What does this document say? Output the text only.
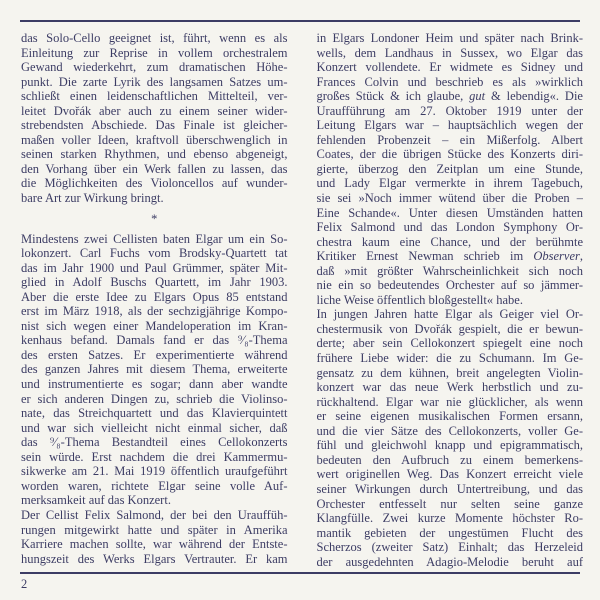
das Solo-Cello geeignet ist, führt, wenn es als
Einleitung zur Reprise in vollem orchestralem
Gewand wiederkehrt, zum dramatischen Höhe-
punkt. Die zarte Lyrik des langsamen Satzes um-
schließt einen leidenschaftlichen Mittelteil, ver-
leitet Dvořák aber auch zu einem seiner wider-
strebendsten Abschiede. Das Finale ist gleicher-
maßen voller Ideen, kraftvoll überschwenglich in
seinen starken Rhythmen, und ebenso abgeneigt,
den Vorhang über ein Werk fallen zu lassen, das
die Möglichkeiten des Violoncellos auf wunder-
bare Art zur Wirkung bringt.
*
Mindestens zwei Cellisten baten Elgar um ein So-
lokonzert. Carl Fuchs vom Brodsky-Quartett tat
das im Jahr 1900 und Paul Grümmer, später Mit-
glied in Adolf Buschs Quartett, im Jahr 1903.
Aber die erste Idee zu Elgars Opus 85 entstand
erst im März 1918, als der sechzigjährige Kompo-
nist sich wegen einer Mandeloperation im Kran-
kenhaus befand. Damals fand er das ⁹⁄₈-Thema
des ersten Satzes. Er experimentierte während
des ganzen Jahres mit diesem Thema, erweiterte
und instrumentierte es sogar; dann aber wandte
er sich anderen Dingen zu, schrieb die Violinso-
nate, das Streichquartett und das Klavierquintett
und war sich vielleicht nicht einmal sicher, daß
das ⁹⁄₈-Thema Bestandteil eines Cellokonzerts
sein würde. Erst nachdem die drei Kammermu-
sikwerke am 21. Mai 1919 öffentlich uraufgeführt
worden waren, richtete Elgar seine volle Auf-
merksamkeit auf das Konzert.
Der Cellist Felix Salmond, der bei den Urauffüh-
rungen mitgewirkt hatte und später in Amerika
Karriere machen sollte, war während der Entste-
hungszeit des Werks Elgars Vertrauter. Er kam
in Elgars Londoner Heim und später nach Brink-
wells, dem Landhaus in Sussex, wo Elgar das
Konzert vollendete. Er widmete es Sidney und
Frances Colvin und beschrieb es als »wirklich
großes Stück & ich glaube, gut & lebendig«. Die
Uraufführung am 27. Oktober 1919 unter der
Leitung Elgars war – hauptsächlich wegen der
fehlenden Probenzeit – ein Mißerfolg. Albert
Coates, der die übrigen Stücke des Konzerts diri-
gierte, überzog den Zeitplan um eine Stunde,
und Lady Elgar vermerkte in ihrem Tagebuch,
sie sei »Noch immer wütend über die Proben –
Eine Schande«. Unter diesen Umständen hatten
Felix Salmond und das London Symphony Or-
chestra kaum eine Chance, und der berühmte
Kritiker Ernest Newman schrieb im Observer,
daß »mit größter Wahrscheinlichkeit sich noch
nie ein so bedeutendes Orchester auf so jämmer-
liche Weise öffentlich bloßgestellt« habe.
In jungen Jahren hatte Elgar als Geiger viel Or-
chestermusik von Dvořák gespielt, die er bewun-
derte; aber sein Cellokonzert spiegelt eine noch
frühere Liebe wider: die zu Schumann. Im Ge-
gensatz zu dem kühnen, breit angelegten Violin-
konzert war das neue Werk herbstlich und zu-
rückhaltend. Elgar war nie glücklicher, als wenn
er seine eigenen musikalischen Formen ersann,
und die vier Sätze des Cellokonzerts, voller Ge-
fühl und gleichwohl knapp und epigrammatisch,
bedeuten den Aufbruch zu einem bemerkens-
wert originellen Weg. Das Konzert erreicht viele
seiner Wirkungen durch Untertreibung, und das
Orchester entfesselt nur selten seine ganze
Klangfülle. Zwei kurze Momente höchster Ro-
mantik gebieten der ungestümen Flucht des
Scherzos (zweiter Satz) Einhalt; das Herzeleid
der ausgedehnten Adagio-Melodie beruht auf
2
